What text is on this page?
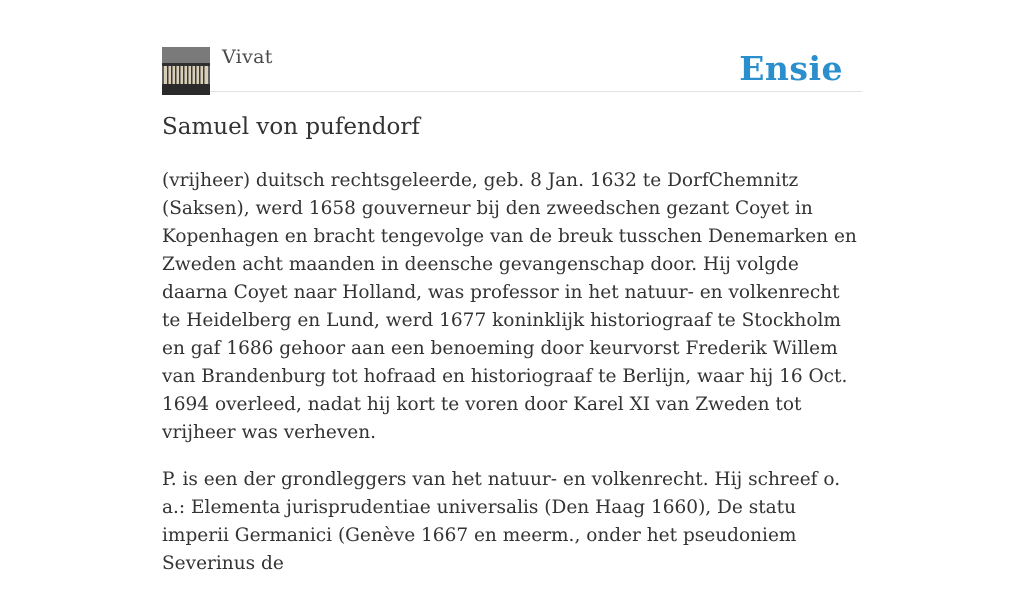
Vivat	Ensie
Samuel von pufendorf

(vrijheer) duitsch rechtsgeleerde, geb. 8 Jan. 1632 te DorfChemnitz (Saksen), werd 1658 gouverneur bij den zweedschen gezant Coyet in Kopenhagen en bracht tengevolge van de breuk tusschen Denemarken en Zweden acht maanden in deensche gevangenschap door. Hij volgde daarna Coyet naar Holland, was professor in het natuur- en volkenrecht te Heidelberg en Lund, werd 1677 koninklijk historiograaf te Stockholm en gaf 1686 gehoor aan een benoeming door keurvorst Frederik Willem van Brandenburg tot hofraad en historiograaf te Berlijn, waar hij 16 Oct. 1694 overleed, nadat hij kort te voren door Karel XI van Zweden tot vrijheer was verheven.

P. is een der grondleggers van het natuur- en volkenrecht. Hij schreef o. a.: Elementa jurisprudentiae universalis (Den Haag 1660), De statu imperii Germanici (Genève 1667 en meerm., onder het pseudoniem Severinus de
